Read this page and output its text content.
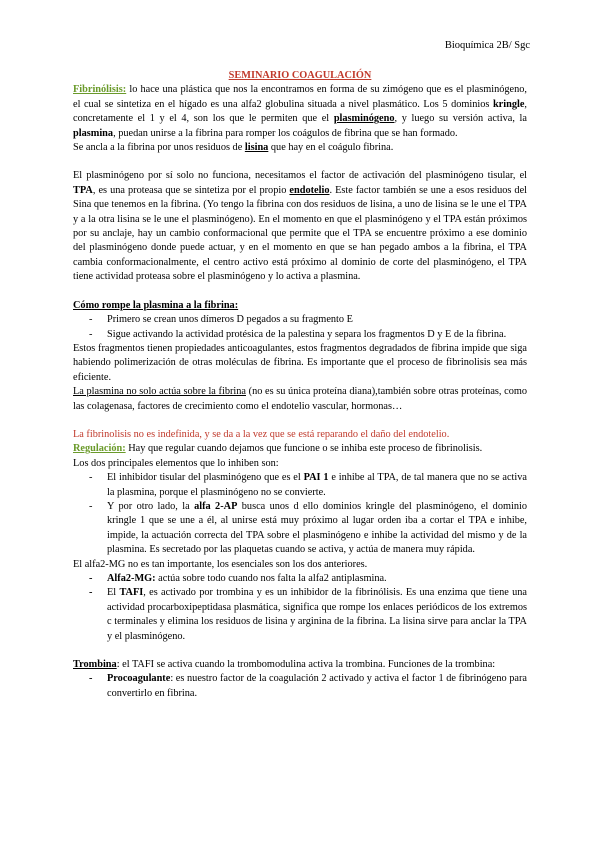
Bioquímica 2B/ Sgc

SEMINARIO COAGULACIÓN

Fibrinólisis: lo hace una plástica que nos la encontramos en forma de su zimógeno que es el plasminógeno, el cual se sintetiza en el hígado es una alfa2 globulina situada a nivel plasmático. Los 5 dominios kringle, concretamente el 1 y el 4, son los que le permiten que el plasminógeno, y luego su versión activa, la plasmina, puedan unirse a la fibrina para romper los coágulos de fibrina que se han formado.

Se ancla a la fibrina por unos residuos de lisina que hay en el coágulo fibrina.

El plasminógeno por sí solo no funciona, necesitamos el factor de activación del plasminógeno tisular, el TPA, es una proteasa que se sintetiza por el propio endotelio. Este factor también se une a esos residuos del Sina que tenemos en la fibrina. (Yo tengo la fibrina con dos residuos de lisina, a uno de lisina se le une el TPA y a la otra lisina se le une el plasminógeno). En el momento en que el plasminógeno y el TPA están próximos por su anclaje, hay un cambio conformacional que permite que el TPA se encuentre próximo a ese dominio del plasminógeno donde puede actuar, y en el momento en que se han pegado ambos a la fibrina, el TPA cambia conformacionalmente, el centro activo está próximo al dominio de corte del plasminógeno, el TPA tiene actividad proteasa sobre el plasminógeno y lo activa a plasmina.

Cómo rompe la plasmina a la fibrina:

- Primero se crean unos dímeros D pegados a su fragmento E
- Sigue activando la actividad protésica de la palestina y separa los fragmentos D y E de la fibrina.

Estos fragmentos tienen propiedades anticoagulantes, estos fragmentos degradados de fibrina impide que siga habiendo polimerización de otras moléculas de fibrina. Es importante que el proceso de fibrinolisis sea más eficiente.

La plasmina no solo actúa sobre la fibrina (no es su única proteína diana),también sobre otras proteínas, como las colagenasa, factores de crecimiento como el endotelio vascular, hormonas…

La fibrinolisis no es indefinida, y se da a la vez que se está reparando el daño del endotelio.

Regulación: Hay que regular cuando dejamos que funcione o se inhiba este proceso de fibrinolisis.

Los dos principales elementos que lo inhiben son:

- El inhibidor tisular del plasminógeno que es el PAI 1 e inhibe al TPA, de tal manera que no se activa la plasmina, porque el plasminógeno no se convierte.
- Y por otro lado, la alfa 2-AP busca unos d ello dominios kringle del plasminógeno, el dominio kringle 1 que se une a él, al unirse está muy próximo al lugar orden iba a cortar el TPA e inhibe, impide, la actuación correcta del TPA sobre el plasminógeno e inhibe la actividad del mismo y de la plasmina. Es secretado por las plaquetas cuando se activa, y actúa de manera muy rápida.

El alfa2-MG no es tan importante, los esenciales son los dos anteriores.

- Alfa2-MG: actúa sobre todo cuando nos falta la alfa2 antiplasmina.
- El TAFI, es activado por trombina y es un inhibidor de la fibrinólisis. Es una enzima que tiene una actividad procarboxipeptidasa plasmática, significa que rompe los enlaces periódicos de los extremos c terminales y elimina los residuos de lisina y arginina de la fibrina. La lisina sirve para anclar la TPA y el plasminógeno.

Trombina: el TAFI se activa cuando la trombomodulina activa la trombina. Funciones de la trombina:

- Procoagulante: es nuestro factor de la coagulación 2 activado y activa el factor 1 de fibrinógeno para convertirlo en fibrina.
